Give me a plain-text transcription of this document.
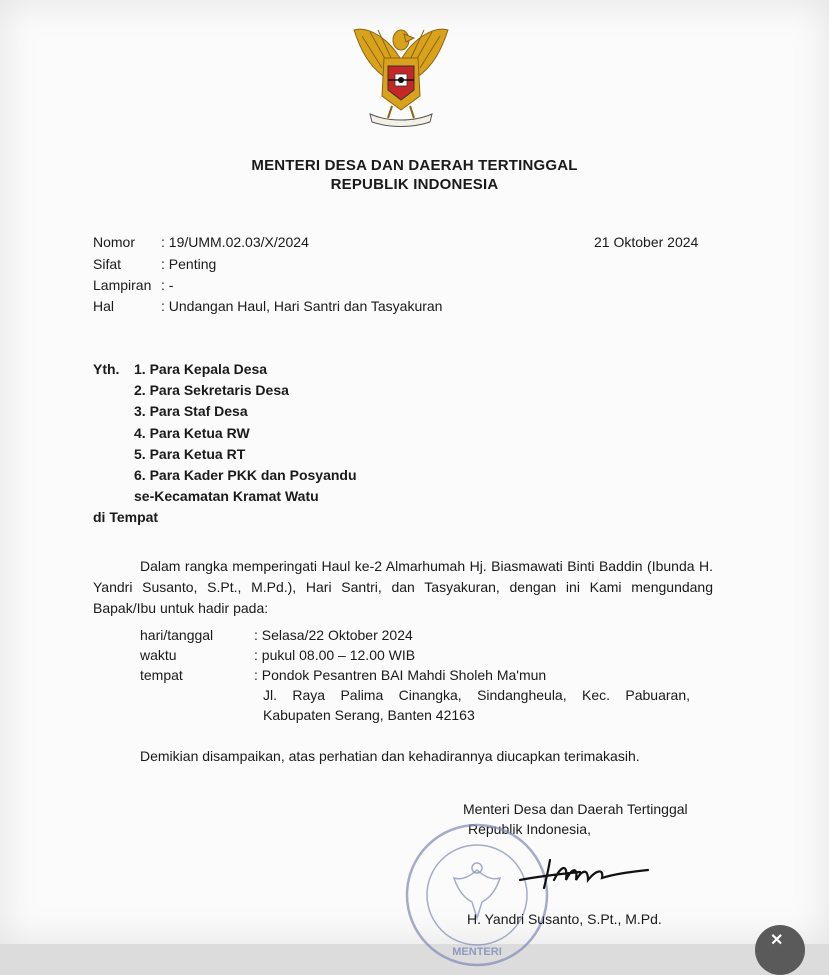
MENTERI DESA DAN DAERAH TERTINGGAL
REPUBLIK INDONESIA
Nomor : 19/UMM.02.03/X/2024
Sifat	: Penting
Lampiran : -
Hal	: Undangan Haul, Hari Santri dan Tasyakuran
21 Oktober 2024
Yth. 1. Para Kepala Desa
2. Para Sekretaris Desa
3. Para Staf Desa
4. Para Ketua RW
5. Para Ketua RT
6. Para Kader PKK dan Posyandu
se-Kecamatan Kramat Watu
di Tempat
Dalam rangka memperingati Haul ke-2 Almarhumah Hj. Biasmawati Binti Baddin (Ibunda H. Yandri Susanto, S.Pt., M.Pd.), Hari Santri, dan Tasyakuran, dengan ini Kami mengundang Bapak/Ibu untuk hadir pada:
hari/tanggal	: Selasa/22 Oktober 2024
waktu	: pukul 08.00 – 12.00 WIB
tempat	: Pondok Pesantren BAI Mahdi Sholeh Ma'mun
Jl. Raya Palima Cinangka, Sindangheula, Kec. Pabuaran,
Kabupaten Serang, Banten 42163
Demikian disampaikan, atas perhatian dan kehadirannya diucapkan terimakasih.
Menteri Desa dan Daerah Tertinggal
Republik Indonesia,
MENTERI
H. Yandri Susanto, S.Pt., M.Pd.
✕
